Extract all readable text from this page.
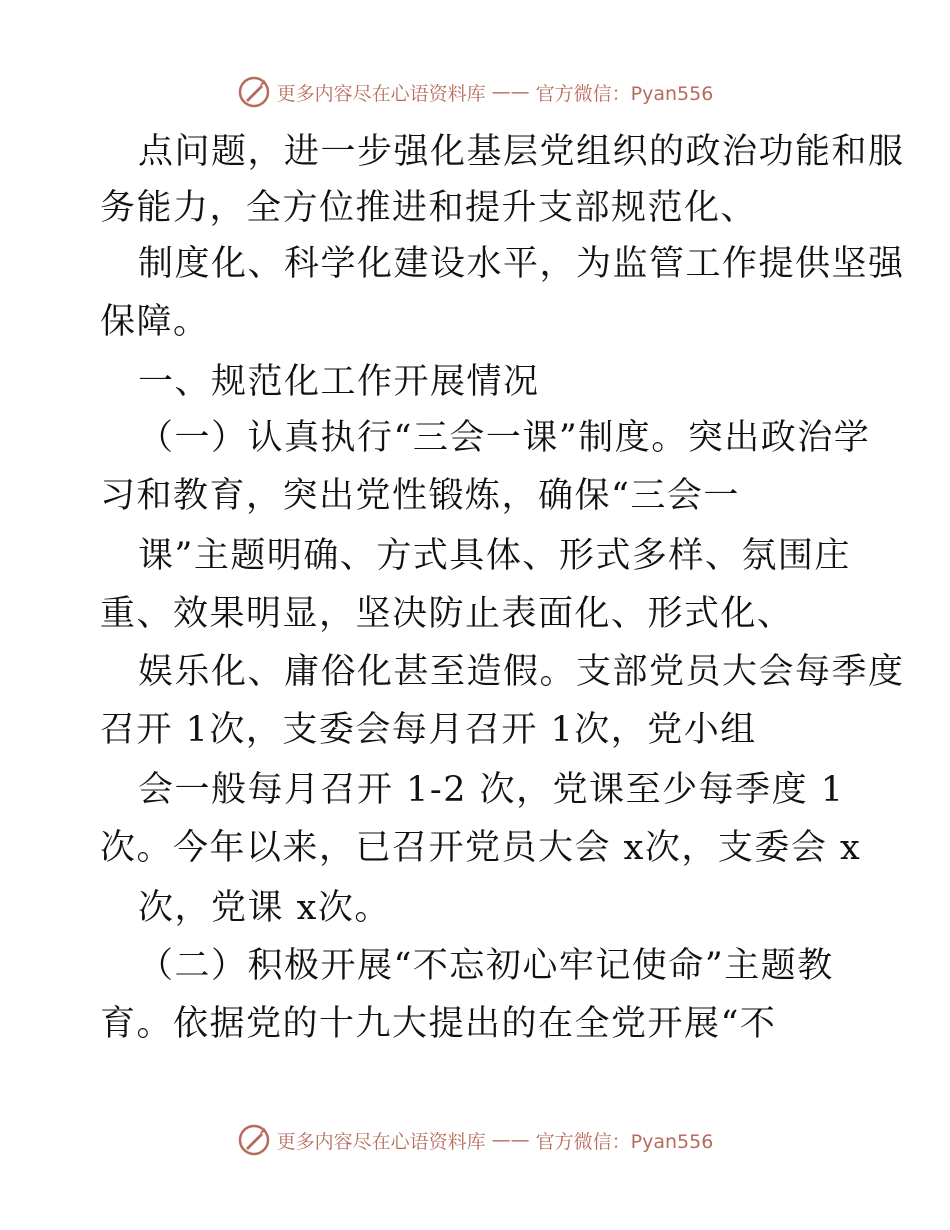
更多内容尽在心语资料库 —— 官方微信：Pyan556
点问题，进一步强化基层党组织的政治功能和服
务能力，全方位推进和提升支部规范化、
制度化、科学化建设水平，为监管工作提供坚强
保障。
一、规范化工作开展情况
（一）认真执行“三会一课”制度。突出政治学
习和教育，突出党性锻炼，确保“三会一
课”主题明确、方式具体、形式多样、氛围庄
重、效果明显，坚决防止表面化、形式化、
娱乐化、庸俗化甚至造假。支部党员大会每季度
召开 1次，支委会每月召开 1次，党小组
会一般每月召开 1-2 次，党课至少每季度 1
次。今年以来，已召开党员大会 x次，支委会 x
次，党课 x次。
（二）积极开展“不忘初心牢记使命”主题教
育。依据党的十九大提出的在全党开展“不
更多内容尽在心语资料库 —— 官方微信：Pyan556
